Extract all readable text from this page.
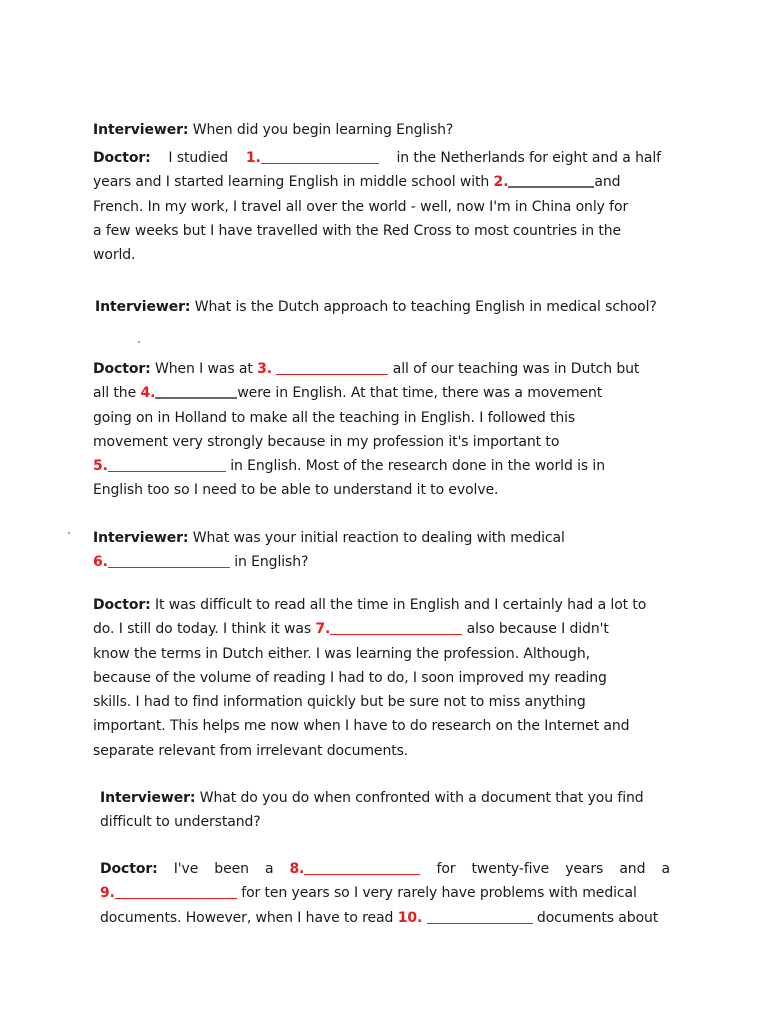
Interviewer: When did you begin learning English?
Doctor: I studied 1.	in the Netherlands for eight and a half
years and I started learning English in middle school with 2.	and
French. In my work, I travel all over the world - well, now I'm in China only for
a few weeks but I have travelled with the Red Cross to most countries in the
world.
Interviewer: What is the Dutch approach to teaching English in medical school?
Doctor: When I was at 3.	all of our teaching was in Dutch but
all the 4.	were in English. At that time, there was a movement
going on in Holland to make all the teaching in English. I followed this
movement very strongly because in my profession it's important to
5.	in English. Most of the research done in the world is in
English too so I need to be able to understand it to evolve.
Interviewer: What was your initial reaction to dealing with medical
6.	in English?
Doctor: It was difficult to read all the time in English and I certainly had a lot to
do. I still do today. I think it was 7.	also because I didn't
know the terms in Dutch either. I was learning the profession. Although,
because of the volume of reading I had to do, I soon improved my reading
skills. I had to find information quickly but be sure not to miss anything
important. This helps me now when I have to do research on the Internet and
separate relevant from irrelevant documents.
Interviewer: What do you do when confronted with a document that you find
difficult to understand?
Doctor: I've been a 8.	for twenty-five years and a
9.	for ten years so I very rarely have problems with medical
documents. However, when I have to read 10.	documents about
